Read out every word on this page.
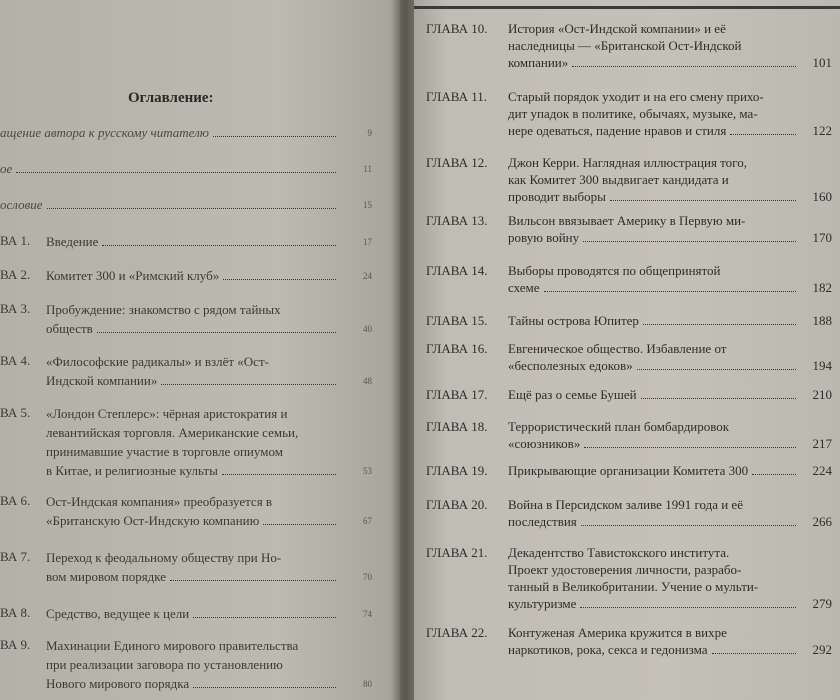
Оглавление:
ащение автора к русскому читателю	9
ое	11
ословие	15
ВА 1. Введение	17
ВА 2. Комитет 300 и «Римский клуб»	24
ВА 3. Пробуждение: знакомство с рядом тайных
обществ	40
ВА 4. «Философские радикалы» и взлёт «Ост-
Индской компании»	48
ВА 5. «Лондон Степлерс»: чёрная аристократия и
левантийская торговля. Американские семьи,
принимавшие участие в торговле опиумом
в Китае, и религиозные культы	53
ВА 6. Ост-Индская компания» преобразуется в
«Британскую Ост-Индскую компанию	67
ВА 7. Переход к феодальному обществу при Но-
вом мировом порядке	70
ВА 8. Средство, ведущее к цели	74
ВА 9. Махинации Единого мирового правительства
при реализации заговора по установлению
Нового мирового порядка	80
ГЛАВА 10. История «Ост-Индской компании» и её
наследницы — «Британской Ост-Индской
компании»	101
ГЛАВА 11. Старый порядок уходит и на его смену прихо-
дит упадок в политике, обычаях, музыке, ма-
нере одеваться, падение нравов и стиля	122
ГЛАВА 12. Джон Керри. Наглядная иллюстрация того,
как Комитет 300 выдвигает кандидата и
проводит выборы	160
ГЛАВА 13. Вильсон ввязывает Америку в Первую ми-
ровую войну	170
ГЛАВА 14. Выборы проводятся по общепринятой
схеме	182
ГЛАВА 15. Тайны острова Юпитер	188
ГЛАВА 16. Евгеническое общество. Избавление от
«бесполезных едоков»	194
ГЛАВА 17. Ещё раз о семье Бушей	210
ГЛАВА 18. Террористический план бомбардировок
«союзников»	217
ГЛАВА 19. Прикрывающие организации Комитета 300	224
ГЛАВА 20. Война в Персидском заливе 1991 года и её
последствия	266
ГЛАВА 21. Декадентство Тавистокского института.
Проект удостоверения личности, разрабо-
танный в Великобритании. Учение о мульти-
культуризме	279
ГЛАВА 22. Контуженая Америка кружится в вихре
наркотиков, рока, секса и гедонизма	292
